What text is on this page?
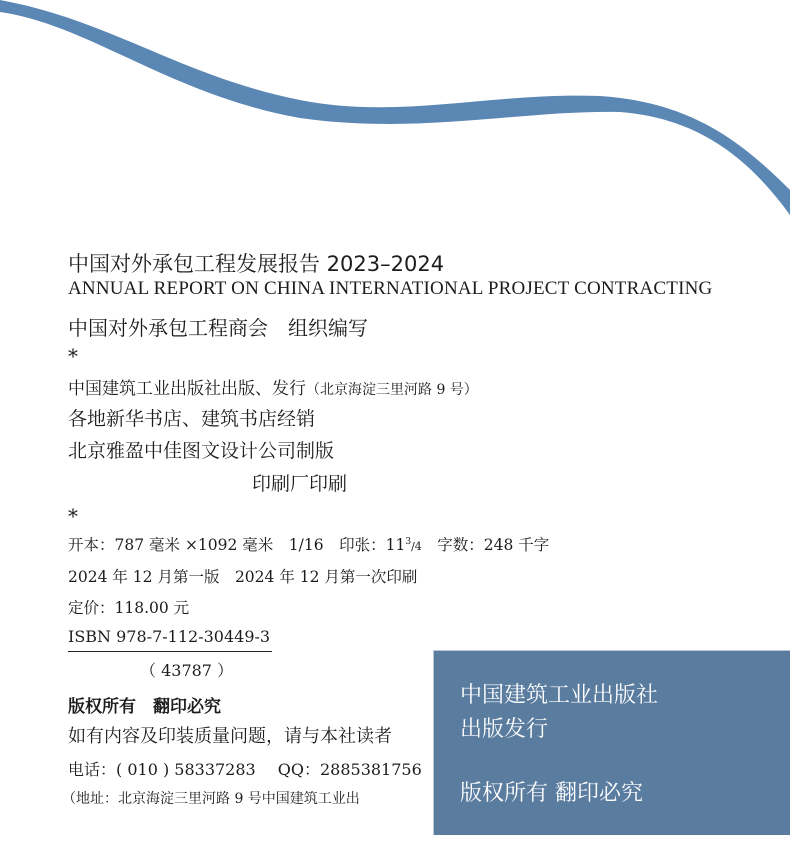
中国对外承包工程发展报告 2023–2024
ANNUAL REPORT ON CHINA INTERNATIONAL PROJECT CONTRACTING
中国对外承包工程商会　组织编写
*
中国建筑工业出版社出版、发行（北京海淀三里河路 9 号）
各地新华书店、建筑书店经销
北京雅盈中佳图文设计公司制版
印刷厂印刷
*
开本：787 毫米 ×1092 毫米　1/16　印张：$11^3/4$　字数：248 千字
2024 年 12 月第一版　2024 年 12 月第一次印刷
定价：118.00 元
ISBN 978-7-112-30449-3
（ 43787 ）
版权所有　翻印必究
如有内容及印装质量问题，请与本社读者
电话：( 010 ) 58337283 QQ：2885381756
（地址：北京海淀三里河路 9 号中国建筑工业出
中国建筑工业出版社
出版发行
版权所有 翻印必究
